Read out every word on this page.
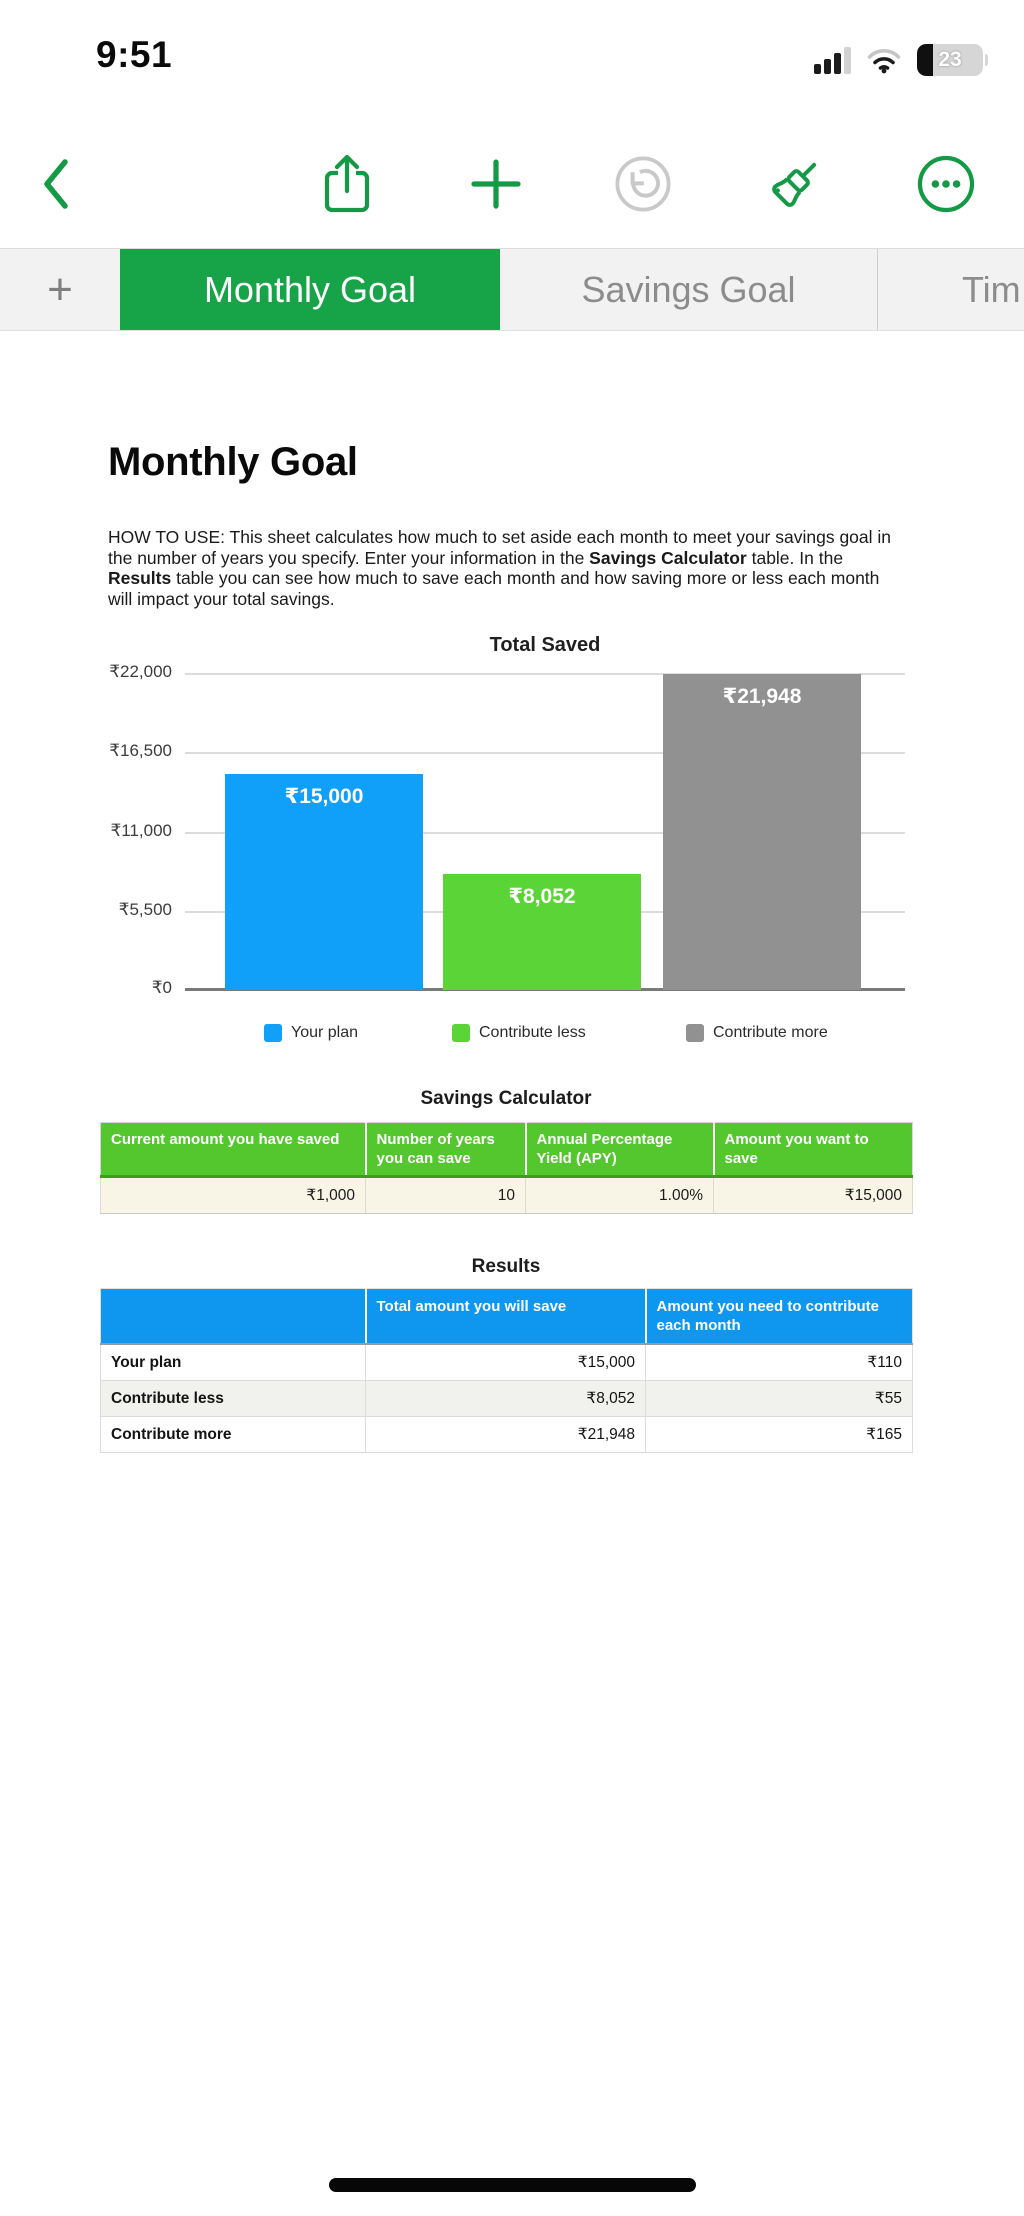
9:51	23
+	Monthly Goal	Savings Goal	Tim
Monthly Goal

HOW TO USE: This sheet calculates how much to set aside each month to meet your savings goal in the number of years you specify. Enter your information in the Savings Calculator table. In the Results table you can see how much to save each month and how saving more or less each month will impact your total savings.

Total Saved
₹22,000
₹16,500
₹11,000
₹5,500
₹0
₹15,000
₹8,052
₹21,948
Your plan	Contribute less	Contribute more
Savings Calculator
Current amount you have saved	Number of years you can save	Annual Percentage Yield (APY)	Amount you want to save
₹1,000	10	1.00%	₹15,000
Results
	Total amount you will save	Amount you need to contribute each month
Your plan	₹15,000	₹110
Contribute less	₹8,052	₹55
Contribute more	₹21,948	₹165
